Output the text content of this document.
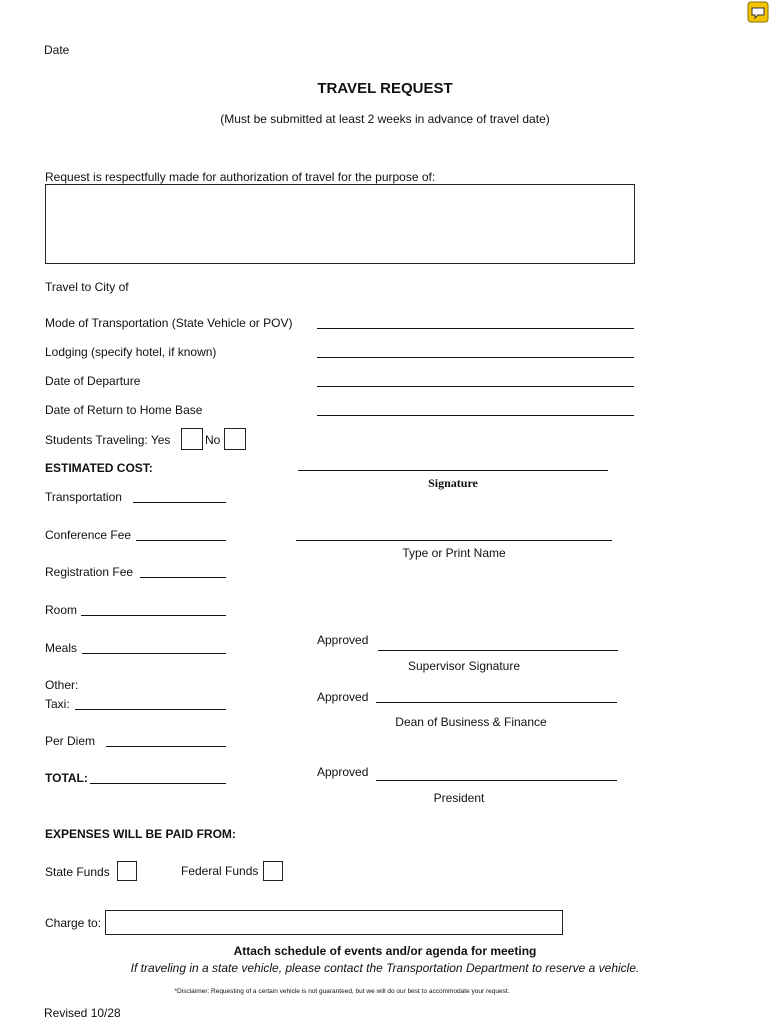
Date
TRAVEL REQUEST
(Must be submitted at least 2 weeks in advance of travel date)
Request is respectfully made for authorization of travel for the purpose of:
Travel to City of
Mode of Transportation (State Vehicle or POV)
Lodging (specify hotel, if known)
Date of Departure
Date of Return to Home Base
Students Traveling: Yes	No
ESTIMATED COST:
Transportation
Conference Fee
Registration Fee
Room
Meals
Other:
Taxi:
Per Diem
TOTAL:
Signature
Type or Print Name
Approved
Supervisor Signature
Approved
Dean of Business & Finance
Approved
President
EXPENSES WILL BE PAID FROM:
State Funds	Federal Funds
Charge to:
Attach schedule of events and/or agenda for meeting
If traveling in a state vehicle, please contact the Transportation Department to reserve a vehicle.
*Disclaimer: Requesting of a certain vehicle is not guaranteed, but we will do our best to accommodate your request.
Revised 10/28
